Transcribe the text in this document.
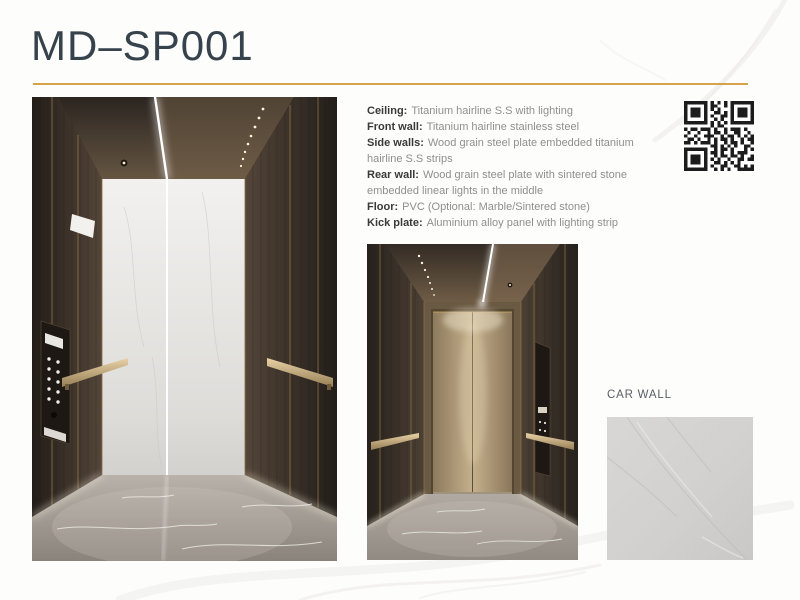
MD–SP001

Ceiling: Titanium hairline S.S with lighting

Front wall: Titanium hairline stainless steel

Side walls: Wood grain steel plate embedded titanium hairline S.S strips

Rear wall: Wood grain steel plate with sintered stone embedded linear lights in the middle

Floor: PVC (Optional: Marble/Sintered stone)

Kick plate: Aluminium alloy panel with lighting strip

CAR WALL
